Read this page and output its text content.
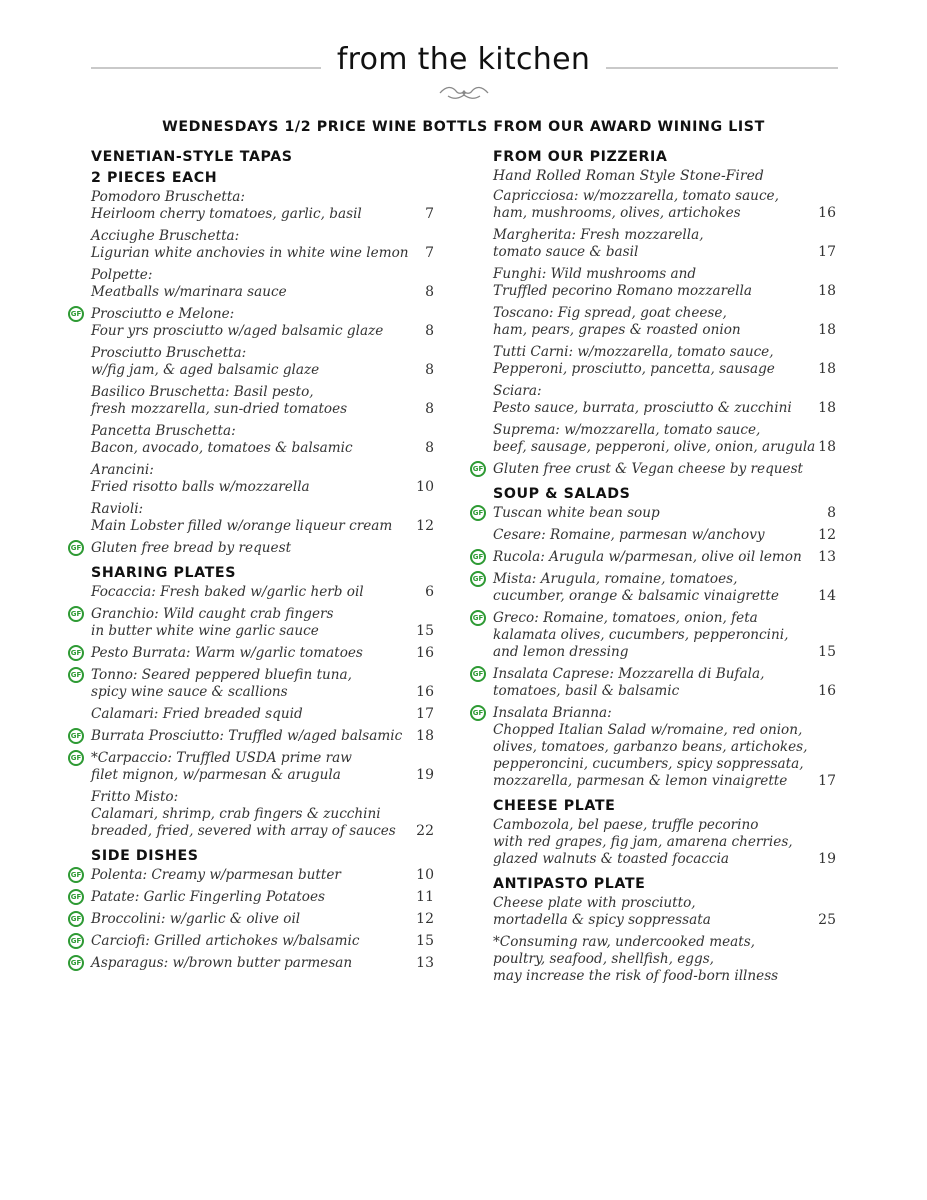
from the kitchen
WEDNESDAYS 1/2 PRICE WINE BOTTLS FROM OUR AWARD WINING LIST
VENETIAN-STYLE TAPAS
2 PIECES EACH
Pomodoro Bruschetta:
Heirloom cherry tomatoes, garlic, basil	7
Acciughe Bruschetta:
Ligurian white anchovies in white wine lemon 7
Polpette:
Meatballs w/marinara sauce	8
GF Prosciutto e Melone:
Four yrs prosciutto w/aged balsamic glaze	8
Prosciutto Bruschetta:
w/fig jam, & aged balsamic glaze	8
Basilico Bruschetta: Basil pesto,
fresh mozzarella, sun-dried tomatoes	8
Pancetta Bruschetta:
Bacon, avocado, tomatoes & balsamic	8
Arancini:
Fried risotto balls w/mozzarella	10
Ravioli:
Main Lobster filled w/orange liqueur cream	12
GF Gluten free bread by request
SHARING PLATES
Focaccia: Fresh baked w/garlic herb oil	6
GF Granchio: Wild caught crab fingers
in butter white wine garlic sauce	15
GF Pesto Burrata: Warm w/garlic tomatoes	16
GF Tonno: Seared peppered bluefin tuna,
spicy wine sauce & scallions	16
Calamari: Fried breaded squid	17
GF Burrata Prosciutto: Truffled w/aged balsamic 18
GF *Carpaccio: Truffled USDA prime raw
filet mignon, w/parmesan & arugula	19
Fritto Misto:
Calamari, shrimp, crab fingers & zucchini
breaded, fried, severed with array of sauces	22
SIDE DISHES
GF Polenta: Creamy w/parmesan butter	10
GF Patate: Garlic Fingerling Potatoes	11
GF Broccolini: w/garlic & olive oil	12
GF Carciofi: Grilled artichokes w/balsamic	15
GF Asparagus: w/brown butter parmesan	13
FROM OUR PIZZERIA
Hand Rolled Roman Style Stone-Fired
Capricciosa: w/mozzarella, tomato sauce,
ham, mushrooms, olives, artichokes	16
Margherita: Fresh mozzarella,
tomato sauce & basil	17
Funghi: Wild mushrooms and
Truffled pecorino Romano mozzarella	18
Toscano: Fig spread, goat cheese,
ham, pears, grapes & roasted onion	18
Tutti Carni: w/mozzarella, tomato sauce,
Pepperoni, prosciutto, pancetta, sausage	18
Sciara:
Pesto sauce, burrata, prosciutto & zucchini	18
Suprema: w/mozzarella, tomato sauce,
beef, sausage, pepperoni, olive, onion, arugula 18
GF Gluten free crust & Vegan cheese by request
SOUP & SALADS
GF Tuscan white bean soup	8
Cesare: Romaine, parmesan w/anchovy	12
GF Rucola: Arugula w/parmesan, olive oil lemon	13
GF Mista: Arugula, romaine, tomatoes,
cucumber, orange & balsamic vinaigrette	14
GF Greco: Romaine, tomatoes, onion, feta
kalamata olives, cucumbers, pepperoncini,
and lemon dressing	15
GF Insalata Caprese: Mozzarella di Bufala,
tomatoes, basil & balsamic	16
GF Insalata Brianna:
Chopped Italian Salad w/romaine, red onion,
olives, tomatoes, garbanzo beans, artichokes,
pepperoncini, cucumbers, spicy soppressata,
mozzarella, parmesan & lemon vinaigrette	17
CHEESE PLATE
Cambozola, bel paese, truffle pecorino
with red grapes, fig jam, amarena cherries,
glazed walnuts & toasted focaccia	19
ANTIPASTO PLATE
Cheese plate with prosciutto,
mortadella & spicy soppressata	25
*Consuming raw, undercooked meats,
poultry, seafood, shellfish, eggs,
may increase the risk of food-born illness
